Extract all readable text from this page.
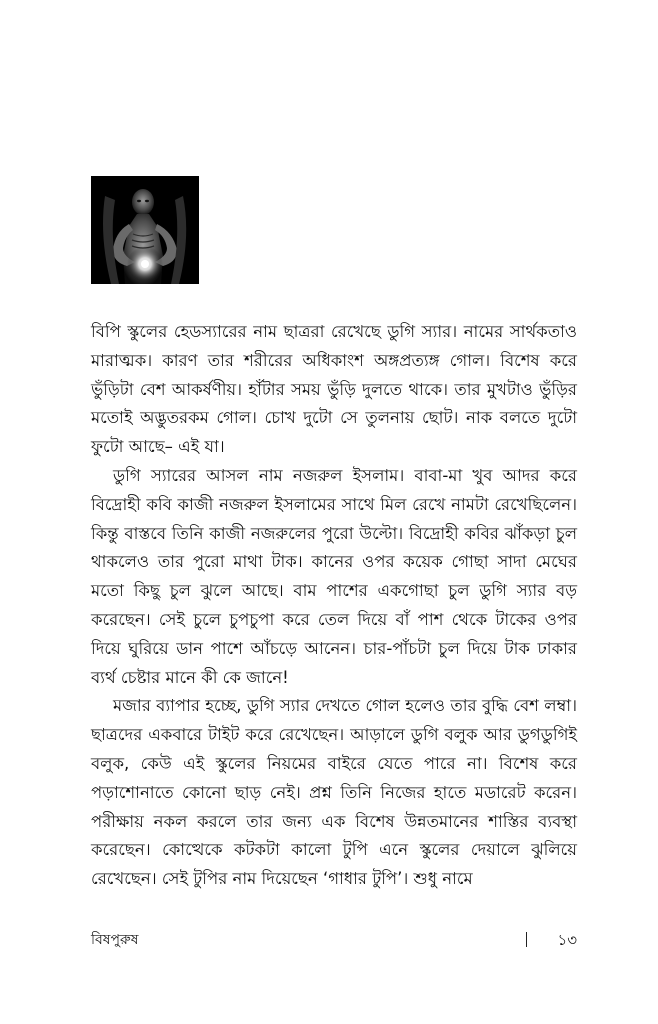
বিপি স্কুলের হেডস্যারের নাম ছাত্ররা রেখেছে ডুগি স্যার। নামের সার্থকতাও মারাত্মক। কারণ তার শরীরের অধিকাংশ অঙ্গপ্রত্যঙ্গ গোল। বিশেষ করে ভুঁড়িটা বেশ আকর্ষণীয়। হাঁটার সময় ভুঁড়ি দুলতে থাকে। তার মুখটাও ভুঁড়ির মতোই অদ্ভুতরকম গোল। চোখ দুটো সে তুলনায় ছোট। নাক বলতে দুটো ফুটো আছে– এই যা।

ডুগি স্যারের আসল নাম নজরুল ইসলাম। বাবা-মা খুব আদর করে বিদ্রোহী কবি কাজী নজরুল ইসলামের সাথে মিল রেখে নামটা রেখেছিলেন। কিন্তু বাস্তবে তিনি কাজী নজরুলের পুরো উল্টো। বিদ্রোহী কবির ঝাঁকড়া চুল থাকলেও তার পুরো মাথা টাক। কানের ওপর কয়েক গোছা সাদা মেঘের মতো কিছু চুল ঝুলে আছে। বাম পাশের একগোছা চুল ডুগি স্যার বড় করেছেন। সেই চুলে চুপচুপা করে তেল দিয়ে বাঁ পাশ থেকে টাকের ওপর দিয়ে ঘুরিয়ে ডান পাশে আঁচড়ে আনেন। চার-পাঁচটা চুল দিয়ে টাক ঢাকার ব্যর্থ চেষ্টার মানে কী কে জানে!

মজার ব্যাপার হচ্ছে, ডুগি স্যার দেখতে গোল হলেও তার বুদ্ধি বেশ লম্বা। ছাত্রদের একবারে টাইট করে রেখেছেন। আড়ালে ডুগি বলুক আর ডুগডুগিই বলুক, কেউ এই স্কুলের নিয়মের বাইরে যেতে পারে না। বিশেষ করে পড়াশোনাতে কোনো ছাড় নেই। প্রশ্ন তিনি নিজের হাতে মডারেট করেন। পরীক্ষায় নকল করলে তার জন্য এক বিশেষ উন্নতমানের শাস্তির ব্যবস্থা করেছেন। কোত্থেকে কটকটা কালো টুপি এনে স্কুলের দেয়ালে ঝুলিয়ে রেখেছেন। সেই টুপির নাম দিয়েছেন ‘গাধার টুপি’। শুধু নামে

বিষপুরুষ	১৩
